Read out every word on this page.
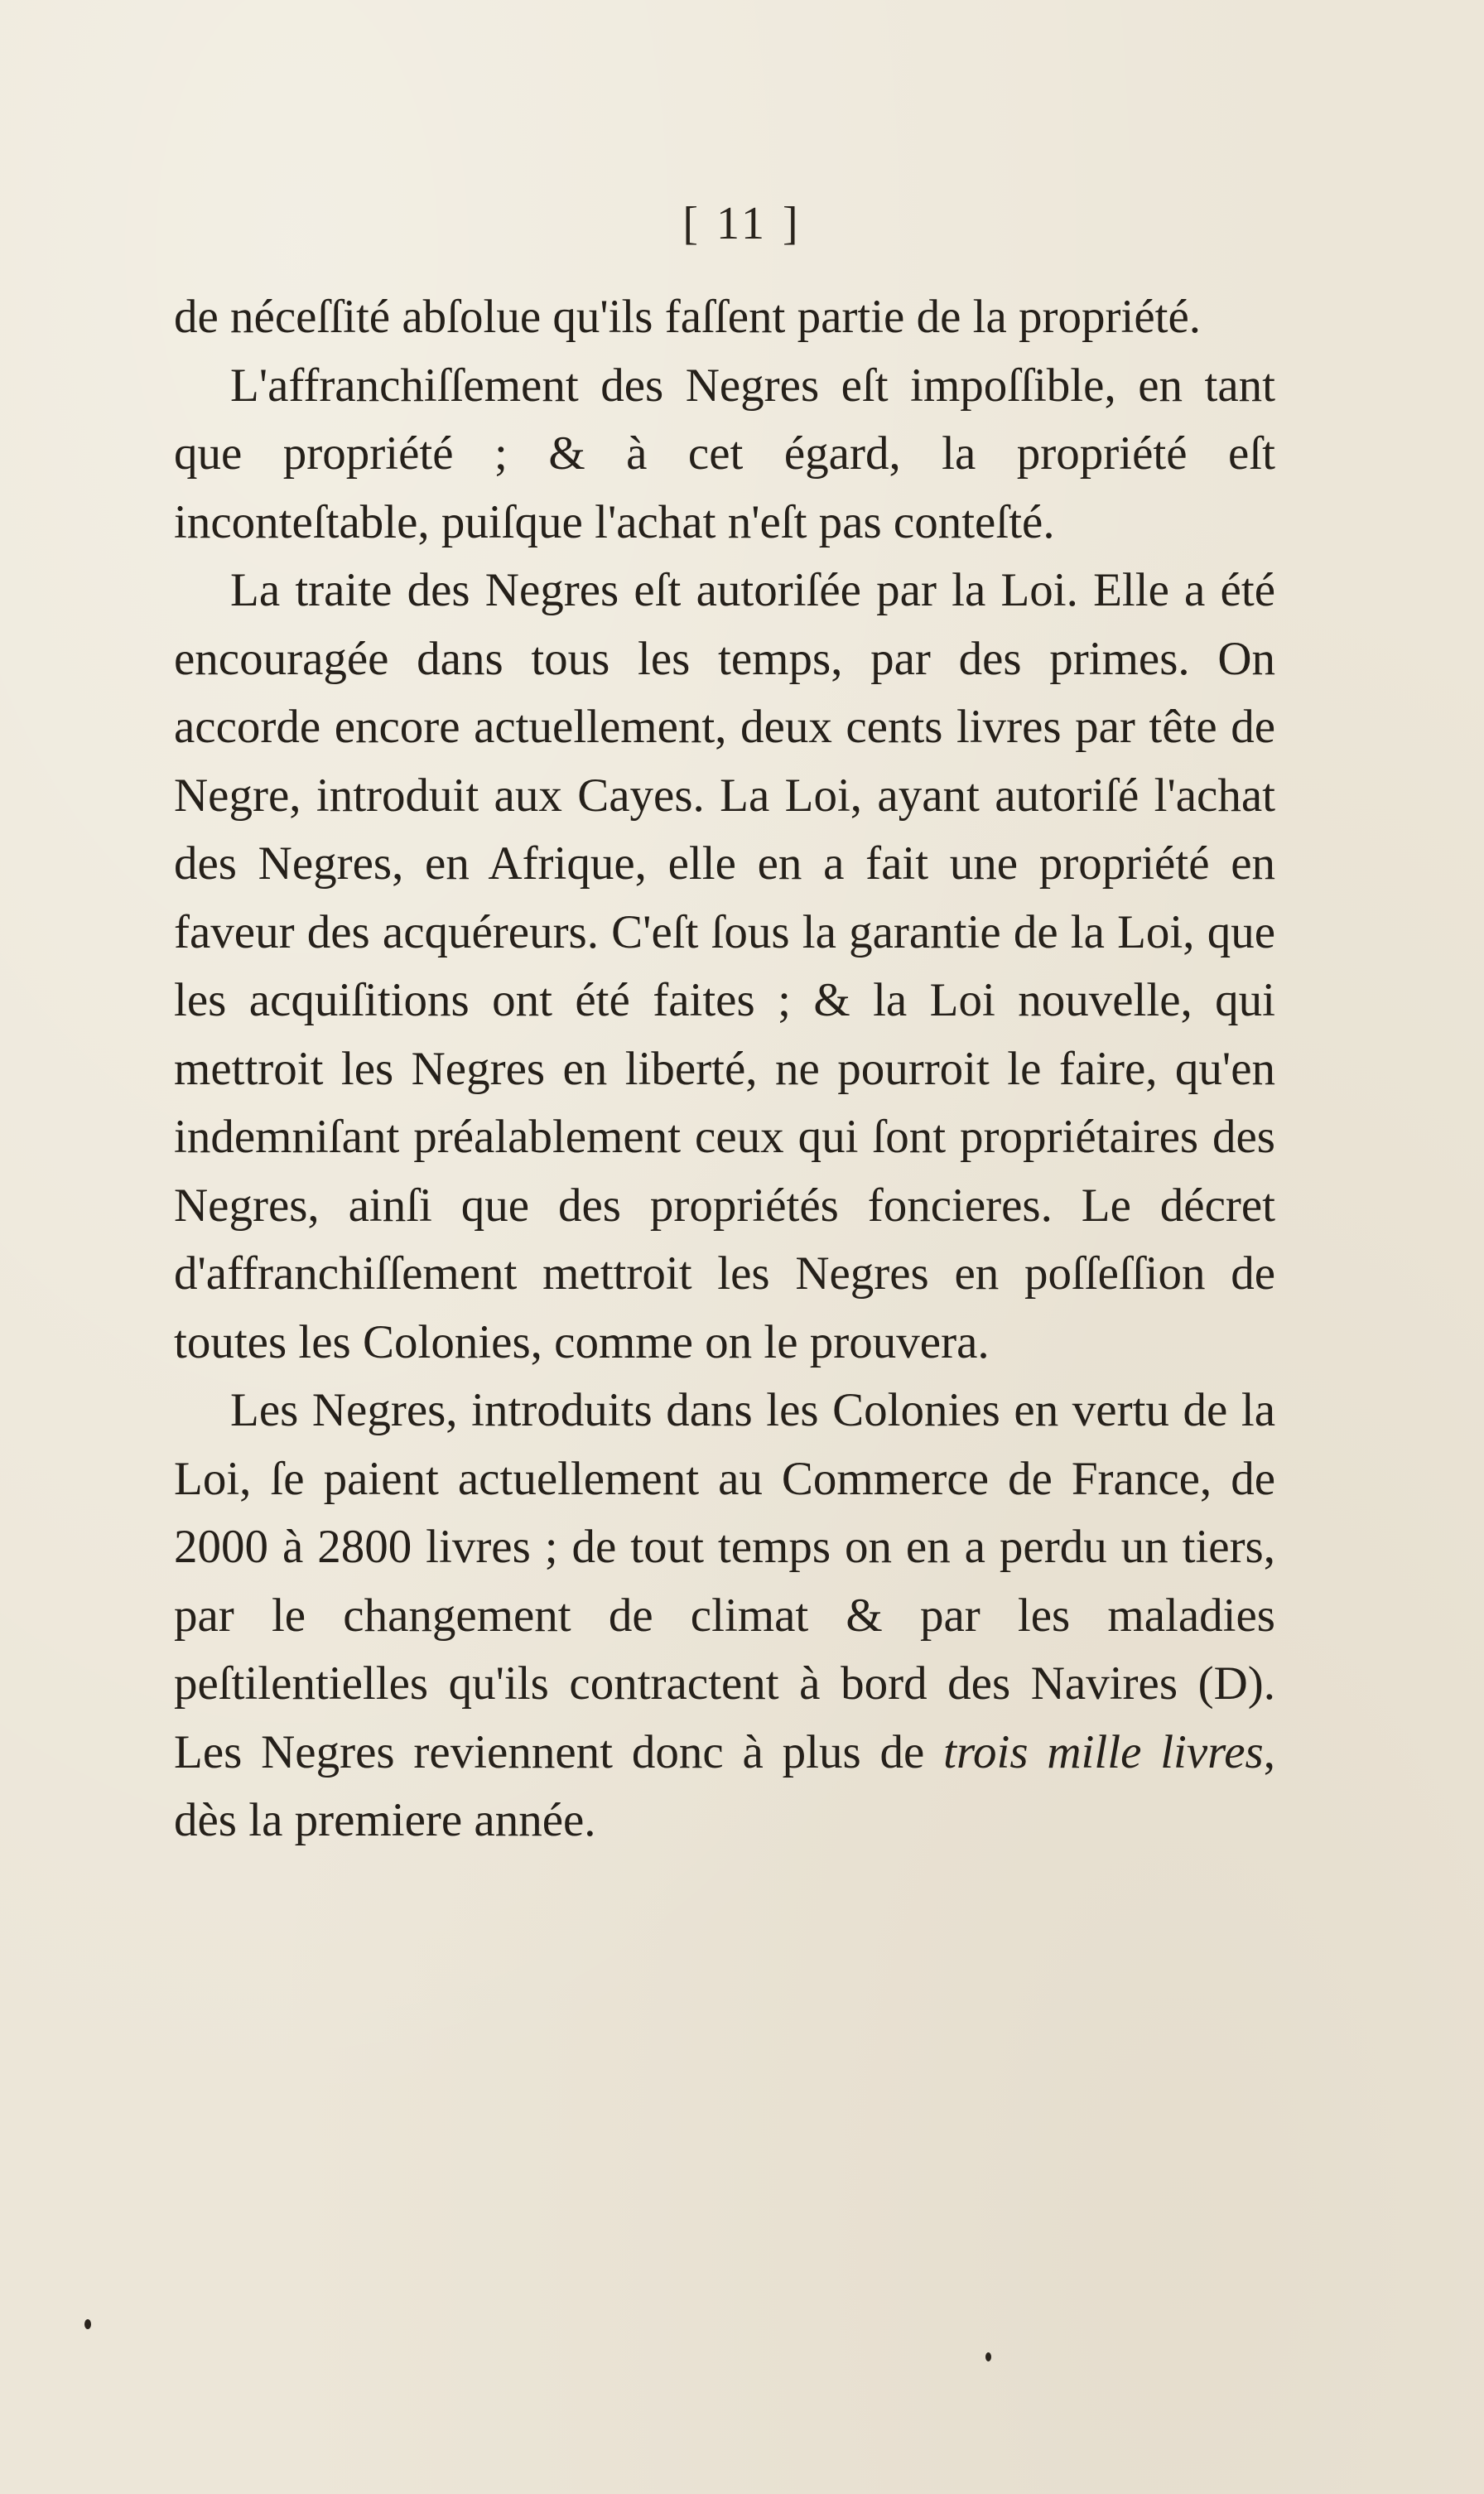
[ 11 ]

de néceſſité abſolue qu'ils faſſent partie de la propriété.

L'affranchiſſement des Negres eſt impoſſible, en tant que propriété ; & à cet égard, la propriété eſt inconteſtable, puiſque l'achat n'eſt pas conteſté.

La traite des Negres eſt autoriſée par la Loi. Elle a été encouragée dans tous les temps, par des primes. On accorde encore actuellement, deux cents livres par tête de Negre, introduit aux Cayes. La Loi, ayant autoriſé l'achat des Negres, en Afrique, elle en a fait une propriété en faveur des acquéreurs. C'eſt ſous la garantie de la Loi, que les acquiſitions ont été faites ; & la Loi nouvelle, qui mettroit les Negres en liberté, ne pourroit le faire, qu'en indemniſant préalablement ceux qui ſont propriétaires des Negres, ainſi que des propriétés foncieres. Le décret d'affranchiſſement mettroit les Negres en poſſeſſion de toutes les Colonies, comme on le prouvera.

Les Negres, introduits dans les Colonies en vertu de la Loi, ſe paient actuellement au Commerce de France, de 2000 à 2800 livres ; de tout temps on en a perdu un tiers, par le changement de climat & par les maladies peſtilentielles qu'ils contractent à bord des Navires (D). Les Negres reviennent donc à plus de trois mille livres, dès la premiere année.
